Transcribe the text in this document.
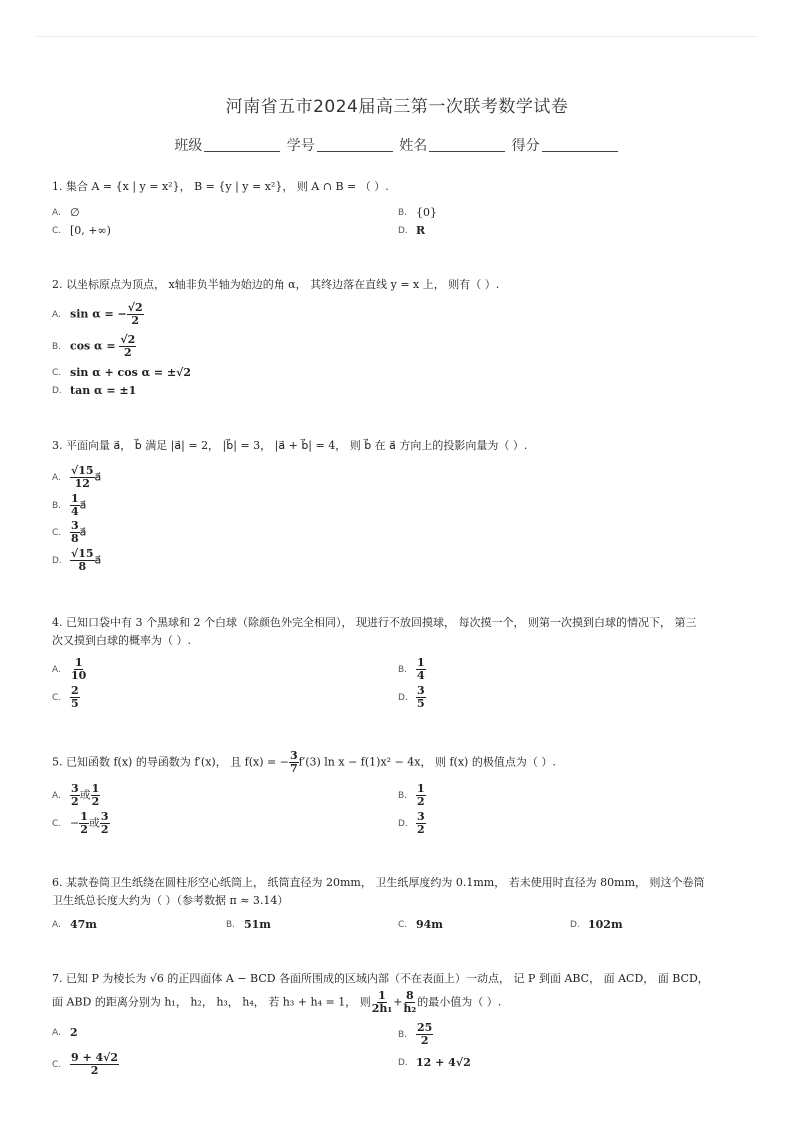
河南省五市2024届高三第一次联考数学试卷
班级	学号	姓名	得分
1. 集合 A = {x | y = x²}， B = {y | y = x²}， 则 A ∩ B = （ ）.
A. ∅	B. {0}
C. [0, +∞)	D. R
2. 以坐标原点为顶点， x轴非负半轴为始边的角 α， 其终边落在直线 y = x 上， 则有（ ）.
A. sin α = − $\frac{√2}{2}$
B. $\cos \alpha = \frac{√2}{2}$
C. sin α + cos α = ±√2
D. tan α = ±1
3. 平面向量 a⃗， b⃗ 满足 |a⃗| = 2， |b⃗| = 3， |a⃗ + b⃗| = 4， 则 b⃗ 在 a⃗ 方向上的投影向量为（ ）.
A. $\frac{√15}{12}$ a⃗
B. $\frac{1}{4}$ a⃗
C. $\frac{3}{8}$ a⃗
D. $\frac{√15}{8}$ a⃗
4. 已知口袋中有 3 个黑球和 2 个白球（除颜色外完全相同）， 现进行不放回摸球， 每次摸一个， 则第一次摸到白球的情况下， 第三
次又摸到白球的概率为（ ）.
A. $\frac{1}{10}$	B. $\frac{1}{4}$
C. $\frac{2}{5}$	D. $\frac{3}{5}$
5. 已知函数 f(x) 的导函数为 f′(x)， 且 f(x) = − $\frac{3}{7} f'(3)$ ln x − f(1)x² − 4x， 则 f(x) 的极值点为（ ）.
A. $\frac{3}{2}$ 或 $\frac{1}{2}$	B. $\frac{1}{2}$
C. − $\frac{1}{2}$ 或 $\frac{3}{2}$	D. $\frac{3}{2}$
6. 某款卷筒卫生纸绕在圆柱形空心纸筒上， 纸筒直径为 20mm， 卫生纸厚度约为 0.1mm， 若未使用时直径为 80mm， 则这个卷筒
卫生纸总长度大约为（ ）（参考数据 π ≈ 3.14）
A. 47m	B. 51m	C. 94m	D. 102m
7. 已知 P 为棱长为 √6 的正四面体 A − BCD 各面所围成的区域内部（不在表面上）一动点， 记 P 到面 ABC， 面 ACD， 面 BCD，
面 ABD 的距离分别为 h₁， h₂， h₃， h₄， 若 h₃ + h₄ = 1， 则 $\frac{1}{\text{2h₁}} + \frac{8}{\text{h₂}}$ 的最小值为（ ）.
A. 2	B. $\frac{25}{2}$
C. $\frac{9 + 4√2}{2}$	D. 12 + 4√2
